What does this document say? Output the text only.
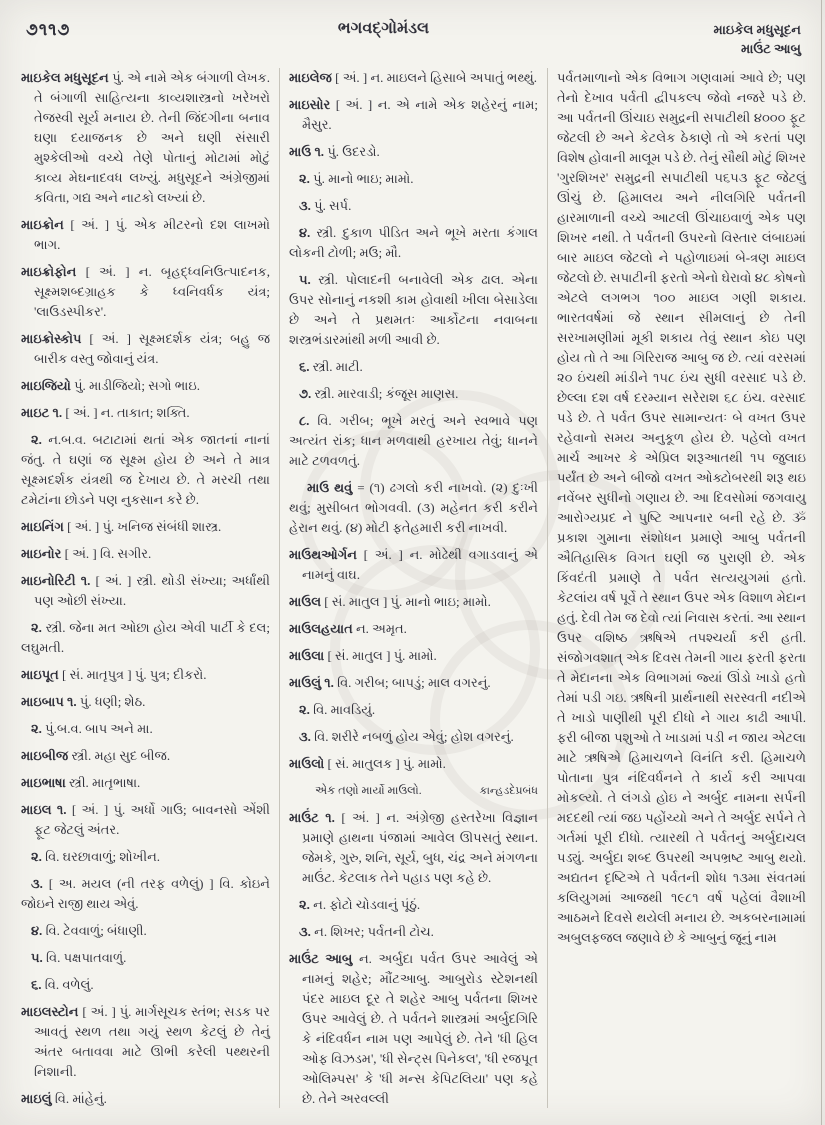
૭૧૧૭	ભગવદ્ગોમંડલ	માઇકેલ મધુસૂદન
માઉંટ આબુ

માઇકેલ મધુસૂદન પું. એ નામે એક બંગાળી લેખક. તે બંગાળી સાહિત્યના કાવ્યશાસ્ત્રનો ખરેખરો તેજસ્વી સૂર્ય મનાય છે. તેની જિંદગીના બનાવ ઘણા દયાજનક છે અને ઘણી સંસારી મુશ્કેલીઓ વચ્ચે તેણે પોતાનું મોટામાં મોટું કાવ્ય મેઘનાદવધ લખ્યું. મધુસૂદને અંગ્રેજીમાં કવિતા, ગદ્ય અને નાટકો લખ્યાં છે.

માઇક્રોન [ અં. ] પું. એક મીટરનો દશ લાખમો ભાગ.

માઇક્રોફોન [ અં. ] ન. બૃહદ્ધ્વનિઉત્પાદનક, સૂક્ષ્મશબ્દગ્રાહક કે ધ્વનિવર્ધક યંત્ર; 'લાઉડસ્પીકર'.

માઇક્રોસ્કોપ [ અં. ] સૂક્ષ્મદર્શક યંત્ર; બહુ જ બારીક વસ્તુ જોવાનું યંત્ર.

માઇજિયો પું. માડીજિયો; સગો ભાઇ.

માઇટ ૧. [ અં. ] ન. તાકાત; શક્તિ.

૨. ન.બ.વ. બટાટામાં થતાં એક જાતનાં નાનાં જંતુ. તે ઘણાં જ સૂક્ષ્મ હોય છે અને તે માત્ર સૂક્ષ્મદર્શક યંત્રથી જ દેખાય છે. તે મરચી તથા ટમેટાંના છોડને પણ નુકસાન કરે છે.

માઇનિંગ [ અં. ] પું. ખનિજ સંબંધી શાસ્ત્ર.

માઇનોર [ અં. ] વિ. સગીર.

માઇનોરિટી ૧. [ અં. ] સ્ત્રી. થોડી સંખ્યા; અર્ધાંથી પણ ઓછી સંખ્યા.

૨. સ્ત્રી. જેના મત ઓછા હોય એવી પાર્ટી કે દલ; લઘુમતી.

માઇપૂત [ સં. માતૃપુત્ર ] પું. પુત્ર; દીકરો.

માઇબાપ ૧. પું. ધણી; શેઠ.

૨. પું.બ.વ. બાપ અને મા.

માઇબીજ સ્ત્રી. મહા સુદ બીજ.

માઇભાષા સ્ત્રી. માતૃભાષા.

માઇલ ૧. [ અં. ] પું. અર્ધો ગાઉ; બાવનસો એંશી ફૂટ જેટલું અંતર.

૨. વિ. ઘરછાવાળું; શોખીન.

૩. [ અ. મયલ (ની તરફ વળેલું) ] વિ. કોઇને જોઇને રાજી થાય એવું.

૪. વિ. ટેવવાળું; બંધાણી.

૫. વિ. પક્ષપાતવાળું.

૬. વિ. વળેલું.

માઇલસ્ટોન [ અં. ] પું. માર્ગસૂચક સ્તંભ; સડક પર આવતું સ્થળ તથા ગયું સ્થળ કેટલું છે તેનું અંતર બતાવવા માટે ઊભી કરેલી પથ્થરની નિશાની.

માઇલું વિ. માંહેનું.

માઇલેજ [ અં. ] ન. માઇલને હિસાબે અપાતું ભથ્થું.

માઇસોર [ અં. ] ન. એ નામે એક શહેરનું નામ; મૈસુર.

માઉ ૧. પું. ઉદરડો.

૨. પું. માનો ભાઇ; મામો.

૩. પું. સર્પ.

૪. સ્ત્રી. દુકાળ પીડિત અને ભૂખે મરતા કંગાલ લોકની ટોળી; મઉ; મૌ.

૫. સ્ત્રી. પોલાદની બનાવેલી એક ઢાલ. એના ઉપર સોનાનું નકશી કામ હોવાથી ખીલા બેસાડેલા છે અને તે પ્રથમતઃ આર્કોટના નવાબના શસ્ત્રભંડારમાંથી મળી આવી છે.

૬. સ્ત્રી. માટી.

૭. સ્ત્રી. મારવાડી; કંજૂસ માણસ.

૮. વિ. ગરીબ; ભૂખે મરતું અને સ્વભાવે પણ અત્યંત રાંક; ધાન મળવાથી હરખાય તેવું; ધાનને માટે ટળવળતું.

માઉ થવું = (૧) ઢગલો કરી નાખવો. (૨) દુઃખી થવું; મુસીબત ભોગવવી. (૩) મહેનત કરી કરીને હેરાન થવું. (૪) મોટી ફતેહમારી કરી નાખવી.

માઉથઓર્ગન [ અં. ] ન. મોઢેથી વગાડવાનું એ નામનું વાઘ.

માઉલ [ સં. માતુલ ] પું. માનો ભાઇ; મામો.

માઉલહયાત ન. અમૃત.

માઉલા [ સં. માતુલ ] પું. મામો.

માઉલું ૧. વિ. ગરીબ; બાપડું; માલ વગરનું.

૨. વિ. માવડિયું.

૩. વિ. શરીરે નબળું હોય એવું; હોશ વગરનું.

માઉલો [ સં. માતુલક ] પું. મામો.

એક તણો માર્યો માઉલો.	કાન્હડદેપ્રબંધ

માઉંટ ૧. [ અં. ] ન. અંગ્રેજી હસ્તરેખા વિજ્ઞાન પ્રમાણે હાથના પંજામાં આવેલ ઊપસતું સ્થાન. જેમકે, ગુરુ, શનિ, સૂર્ય, બુધ, ચંદ્ર અને મંગળના માઉંટ. કેટલાક તેને પહાડ પણ કહે છે.

૨. ન. ફોટો ચોડવાનું પૂંઠું.

૩. ન. શિખર; પર્વતની ટોચ.

માઉંટ આબુ ન. અર્બુદા પર્વત ઉપર આવેલું એ નામનું શહેર; મૌંટઆબુ. આબુરોડ સ્ટેશનથી પંદર માઇલ દૂર તે શહેર આબુ પર્વતના શિખર ઉપર આવેલું છે. તે પર્વતને શાસ્ત્રમાં અર્બુદગિરિ કે નંદિવર્ધન નામ પણ આપેલું છે. તેને 'ધી હિલ ઓફ વિઝડમ', 'ધી સેન્ટ્સ પિનેકલ', 'ધી રજપૂત ઓલિમ્પસ' કે 'ધી મન્સ કેપિટલિયા' પણ કહે છે. તેને અરવલ્લી

પર્વતમાળાનો એક વિભાગ ગણવામાં આવે છે; પણ તેનો દેખાવ પર્વતી દ્વીપકલ્પ જેવો નજરે પડે છે. આ પર્વતની ઊંચાઇ સમુદ્રની સપાટીથી ૪૦૦૦ ફૂટ જેટલી છે અને કેટલેક ઠેકાણે તો એ કરતાં પણ વિશેષ હોવાની માલૂમ પડે છે. તેનું સૌથી મોટું શિખર 'ગુરશિખર' સમુદ્રની સપાટીથી ૫૬૫૩ ફૂટ જેટલું ઊંચું છે. હિમાલય અને નીલગિરિ પર્વતની હારમાળાની વચ્ચે આટલી ઊંચાઇવાળું એક પણ શિખર નથી. તે પર્વતની ઉપરનો વિસ્તાર લંબાઇમાં બાર માઇલ જેટલો ને પહોળાઇમાં બે-ત્રણ માઇલ જેટલો છે. સપાટીની ફરતો એનો ઘેરાવો ૪૮ કોષનો એટલે લગભગ ૧૦૦ માઇલ ગણી શકાય. ભારતવર્ષમાં જે સ્થાન સીમલાનું છે તેની સરખામણીમાં મૂકી શકાય તેવું સ્થાન કોઇ પણ હોય તો તે આ ગિરિરાજ આબુ જ છે. ત્યાં વરસમાં ૨૦ ઇંચથી માંડીને ૧૫૮ ઇંચ સુધી વરસાદ પડે છે. છેલ્લા દશ વર્ષ દરમ્યાન સરેરાશ ૬૮ ઇંચ. વરસાદ પડે છે. તે પર્વત ઉપર સામાન્યતઃ બે વખત ઉપર રહેવાનો સમય અનુકૂળ હોય છે. પહેલો વખત માર્ચ આખર કે એપ્રિલ શરૂઆતથી ૧૫ જુલાઇ પર્યંત છે અને બીજો વખત ઓક્ટોબરથી શરૂ થઇ નવેંબર સુધીનો ગણાય છે. આ દિવસોમાં જગવાયુ આરોગ્યપ્રદ ને પુષ્ટિ આપનાર બની રહે છે. ૐ પ્રકાશ ગુમાના સંશોધન પ્રમાણે આબુ પર્વતની ઐતિહાસિક વિગત ઘણી જ પુરાણી છે. એક કિંવદંતી પ્રમાણે તે પર્વત સત્યયુગમાં હતો. કેટલાંય વર્ષ પૂર્વે તે સ્થાન ઉપર એક વિશાળ મેદાન હતું. દેવી તેમ જ દેવો ત્યાં નિવાસ કરતાં. આ સ્થાન ઉપર વશિષ્ઠ ઋષિએ તપશ્ચર્યા કરી હતી. સંજોગવશાત્ એક દિવસ તેમની ગાય ફરતી ફરતા તે મેદાનના એક વિભાગમાં જ્યાં ઊંડો ખાડો હતો તેમાં પડી ગઇ. ઋષિની પ્રાર્થનાથી સરસ્વતી નદીએ તે ખાડો પાણીથી પૂરી દીધો ને ગાય કાઢી આપી. ફરી બીજા પશુઓ તે ખાડામાં પડી ન જાય એટલા માટે ઋષિએ હિમાચળને વિનંતિ કરી. હિમાચળે પોતાના પુત્ર નંદિવર્ધનને તે કાર્ય કરી આપવા મોકલ્યો. તે લંગડો હોઇ ને અર્બુદ નામના સર્પની મદદથી ત્યાં જઇ પહોંચ્યો અને તે અર્બુદ સર્પને તે ગર્તમાં પૂરી દીધો. ત્યારથી તે પર્વતનું અર્બુદાચલ પડ્યું. અર્બુદા શબ્દ ઉપરથી અપભ્રષ્ટ આબુ થયો. અદ્યતન દૃષ્ટિએ તે પર્વતની શોધ ૧૩મા સંવતમાં કલિયુગમાં આજથી ૧૯૮૧ વર્ષ પહેલાં વૈશાખી આઠમને દિવસે થયેલી મનાય છે. અકબરનામામાં અબુલફજલ જણાવે છે કે આબુનું જૂનું નામ
